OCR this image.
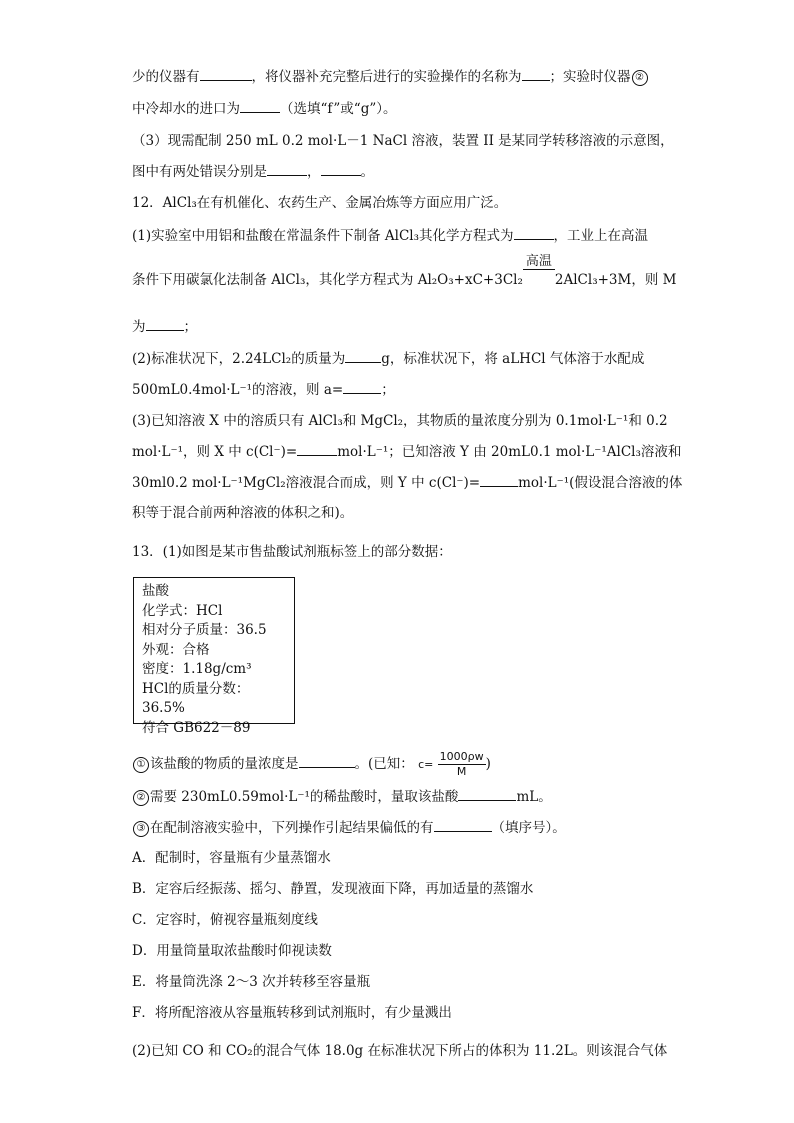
少的仪器有	，将仪器补充完整后进行的实验操作的名称为 ；实验时仪器 ②
中冷却水的进口为	（选填“f”或“g”）。
（3）现需配制 250 mL 0.2 mol·L－1 NaCl 溶液，装置 II 是某同学转移溶液的示意图，
图中有两处错误分别是	，	。
12．AlCl₃在有机催化、农药生产、金属冶炼等方面应用广泛。
(1)实验室中用铝和盐酸在常温条件下制备 AlCl₃其化学方程式为	，工业上在高温
条件下用碳氯化法制备 AlCl₃，其化学方程式为 Al₂O₃+xC+3Cl₂
高温
2AlCl₃+3M，则 M
为	；
(2)标准状况下，2.24LCl₂的质量为	g，标准状况下，将 aLHCl 气体溶于水配成
500mL0.4mol·L⁻¹的溶液，则 a=	；
(3)已知溶液 X 中的溶质只有 AlCl₃和 MgCl₂，其物质的量浓度分别为 0.1mol·L⁻¹和 0.2
mol·L⁻¹，则 X 中 c(Cl⁻)=	mol·L⁻¹；已知溶液 Y 由 20mL0.1 mol·L⁻¹AlCl₃溶液和
30ml0.2 mol·L⁻¹MgCl₂溶液混合而成，则 Y 中 c(Cl⁻)=	mol·L⁻¹(假设混合溶液的体
积等于混合前两种溶液的体积之和)。
13．(1)如图是某市售盐酸试剂瓶标签上的部分数据：
盐酸
化学式：HCl
相对分子质量：36.5
外观：合格
密度：1.18g/cm³
HCl的质量分数：36.5%
符合 GB622－89
① 该盐酸的物质的量浓度是	。(已知： $c= \frac{1000\rho w}{M}$ )
② 需要 230mL0.59mol·L⁻¹的稀盐酸时，量取该盐酸	mL。
③ 在配制溶液实验中，下列操作引起结果偏低的有	（填序号）。
A．配制时，容量瓶有少量蒸馏水
B．定容后经振荡、摇匀、静置，发现液面下降，再加适量的蒸馏水
C．定容时，俯视容量瓶刻度线
D．用量筒量取浓盐酸时仰视读数
E．将量筒洗涤 2～3 次并转移至容量瓶
F．将所配溶液从容量瓶转移到试剂瓶时，有少量溅出
(2)已知 CO 和 CO₂的混合气体 18.0g 在标准状况下所占的体积为 11.2L。则该混合气体
